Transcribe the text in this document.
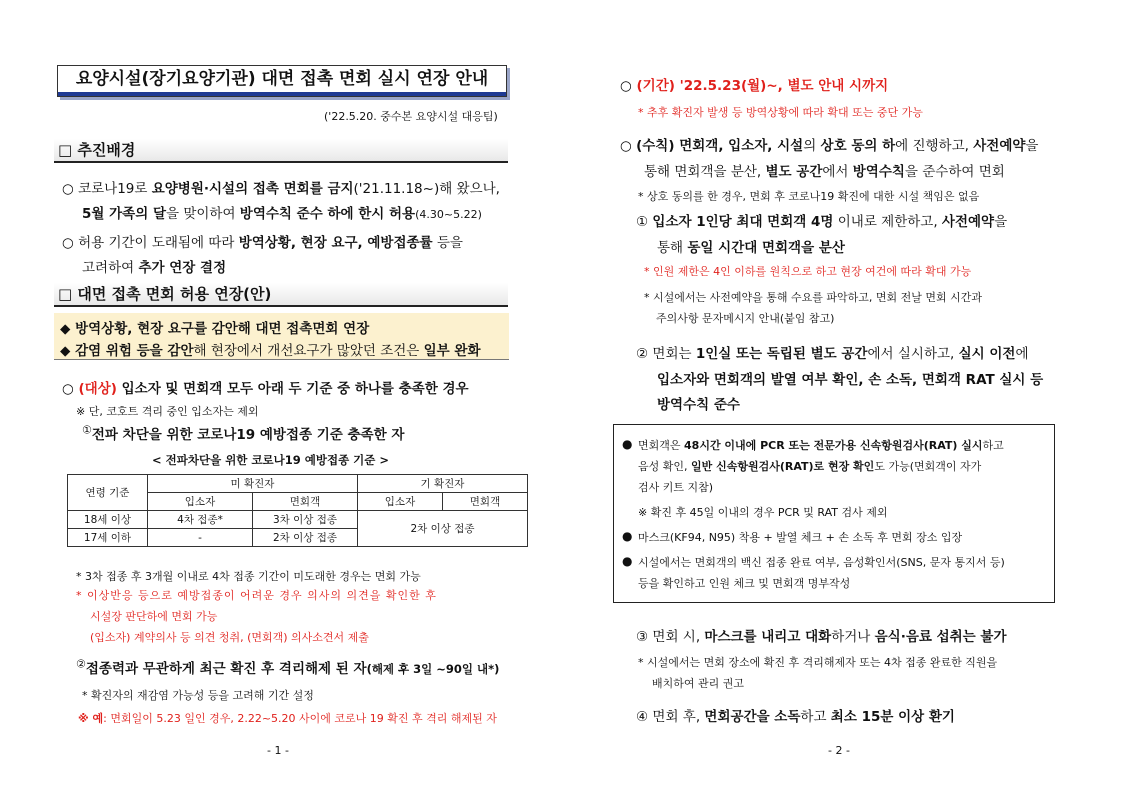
요양시설(장기요양기관) 대면 접촉 면회 실시 연장 안내
('22.5.20. 중수본 요양시설 대응팀)
□ 추진배경
○ 코로나19로 요양병원·시설의 접촉 면회를 금지('21.11.18~)해 왔으나,
5월 가족의 달을 맞이하여 방역수칙 준수 하에 한시 허용(4.30~5.22)
○ 허용 기간이 도래됨에 따라 방역상황, 현장 요구, 예방접종률 등을
고려하여 추가 연장 결정
□ 대면 접촉 면회 허용 연장(안)
◆ 방역상황, 현장 요구를 감안해 대면 접촉면회 연장
◆ 감염 위험 등을 감안해 현장에서 개선요구가 많았던 조건은 일부 완화
○ (대상) 입소자 및 면회객 모두 아래 두 기준 중 하나를 충족한 경우
※ 단, 코호트 격리 중인 입소자는 제외
①전파 차단을 위한 코로나19 예방접종 기준 충족한 자
< 전파차단을 위한 코로나19 예방접종 기준 >
연령 기준	미 확진자		기 확진자	
	입소자	면회객	입소자	면회객
18세 이상	4차 접종*	3차 이상 접종	2차 이상 접종	
17세 이하	-	2차 이상 접종		
* 3차 접종 후 3개월 이내로 4차 접종 기간이 미도래한 경우는 면회 가능
* 이상반응 등으로 예방접종이 어려운 경우 의사의 의견을 확인한 후
시설장 판단하에 면회 가능
(입소자) 계약의사 등 의견 청취, (면회객) 의사소견서 제출
②접종력과 무관하게 최근 확진 후 격리해제 된 자(해제 후 3일 ~90일 내*)
* 확진자의 재감염 가능성 등을 고려해 기간 설정
※ 예: 면회일이 5.23 일인 경우, 2.22~5.20 사이에 코로나 19 확진 후 격리 해제된 자
- 1 -
○ (기간) '22.5.23(월)~, 별도 안내 시까지
* 추후 확진자 발생 등 방역상황에 따라 확대 또는 중단 가능
○ (수칙) 면회객, 입소자, 시설의 상호 동의 하에 진행하고, 사전예약을
통해 면회객을 분산, 별도 공간에서 방역수칙을 준수하여 면회
* 상호 동의를 한 경우, 면회 후 코로나19 확진에 대한 시설 책임은 없음
① 입소자 1인당 최대 면회객 4명 이내로 제한하고, 사전예약을
통해 동일 시간대 면회객을 분산
* 인원 제한은 4인 이하를 원칙으로 하고 현장 여건에 따라 확대 가능
* 시설에서는 사전예약을 통해 수요를 파악하고, 면회 전날 면회 시간과
주의사항 문자메시지 안내(붙임 참고)
② 면회는 1인실 또는 독립된 별도 공간에서 실시하고, 실시 이전에
입소자와 면회객의 발열 여부 확인, 손 소독, 면회객 RAT 실시 등
방역수칙 준수
● 면회객은 48시간 이내에 PCR 또는 전문가용 신속항원검사(RAT) 실시하고
음성 확인, 일반 신속항원검사(RAT)로 현장 확인도 가능(면회객이 자가
검사 키트 지참)
※ 확진 후 45일 이내의 경우 PCR 및 RAT 검사 제외
● 마스크(KF94, N95) 착용 + 발열 체크 + 손 소독 후 면회 장소 입장
● 시설에서는 면회객의 백신 접종 완료 여부, 음성확인서(SNS, 문자 통지서 등)
등을 확인하고 인원 체크 및 면회객 명부작성
③ 면회 시, 마스크를 내리고 대화하거나 음식·음료 섭취는 불가
* 시설에서는 면회 장소에 확진 후 격리해제자 또는 4차 접종 완료한 직원을
배치하여 관리 권고
④ 면회 후, 면회공간을 소독하고 최소 15분 이상 환기
- 2 -
